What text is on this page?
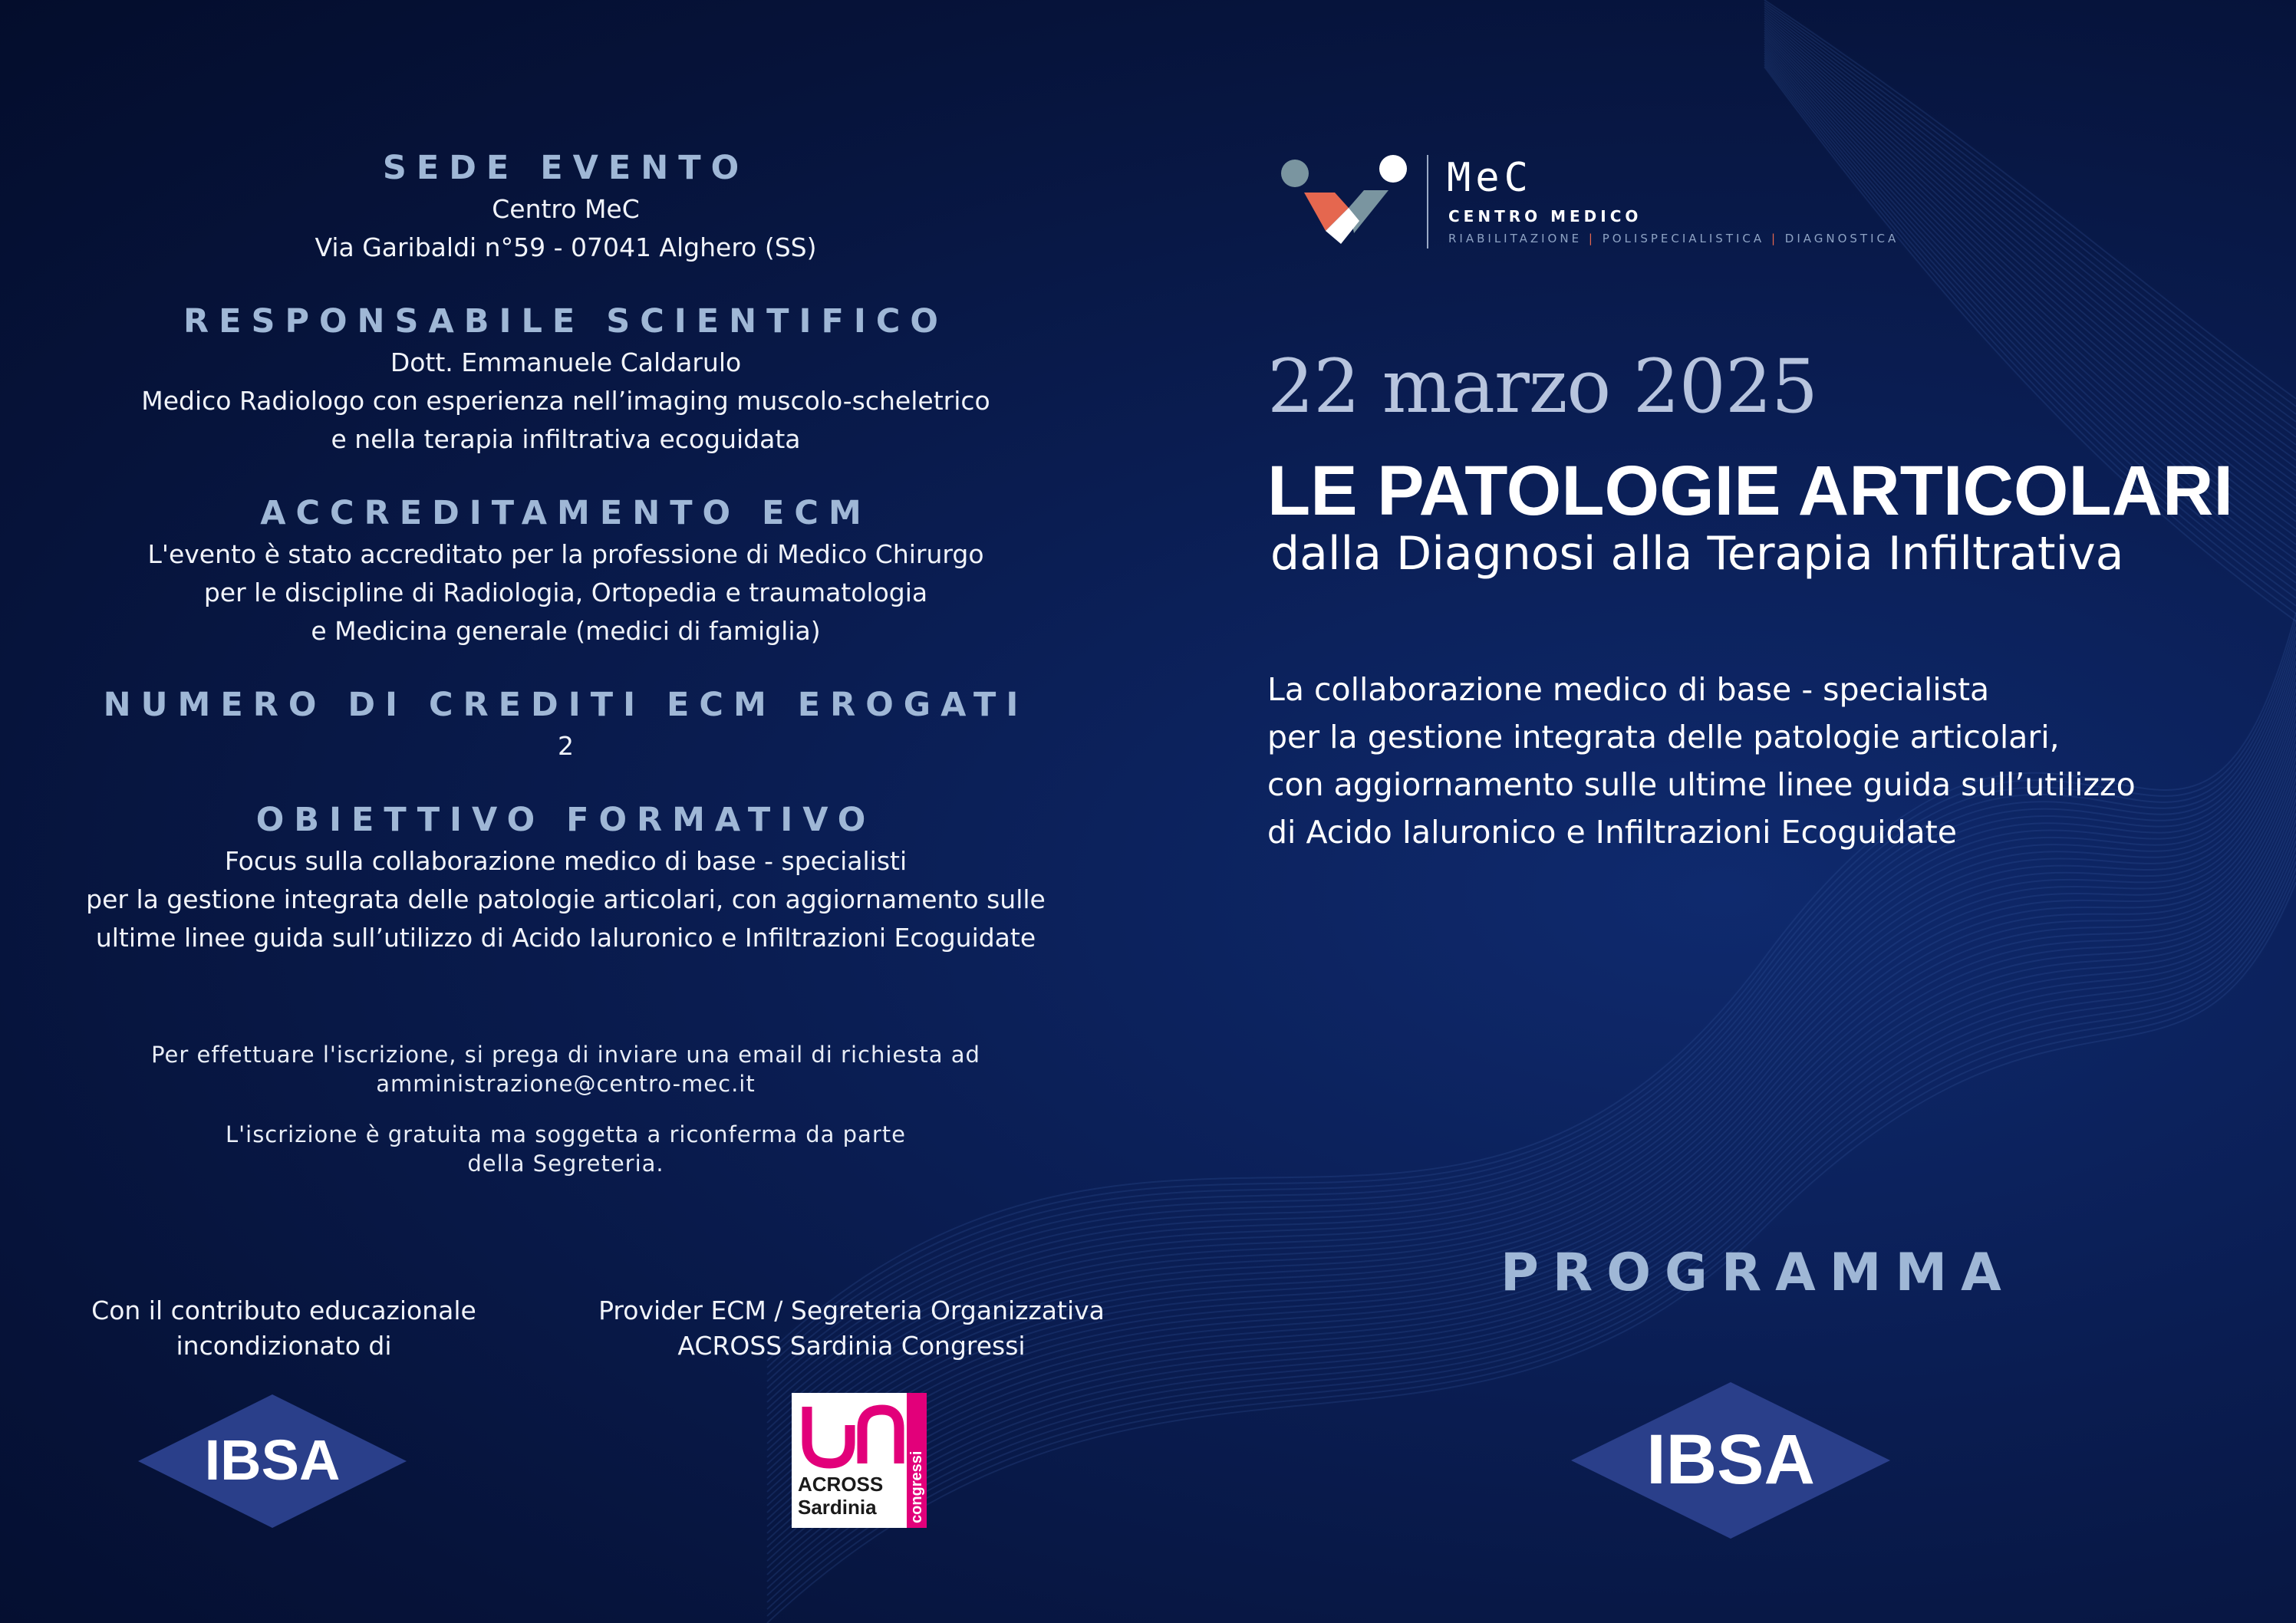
SEDE EVENTO
Centro MeC
Via Garibaldi n°59 - 07041 Alghero (SS)
RESPONSABILE SCIENTIFICO
Dott. Emmanuele Caldarulo
Medico Radiologo con esperienza nell’imaging muscolo-scheletrico
e nella terapia infiltrativa ecoguidata
ACCREDITAMENTO ECM
L'evento è stato accreditato per la professione di Medico Chirurgo
per le discipline di Radiologia, Ortopedia e traumatologia
e Medicina generale (medici di famiglia)
NUMERO DI CREDITI ECM EROGATI
2
OBIETTIVO FORMATIVO
Focus sulla collaborazione medico di base - specialisti
per la gestione integrata delle patologie articolari, con aggiornamento sulle
ultime linee guida sull’utilizzo di Acido Ialuronico e Infiltrazioni Ecoguidate
Per effettuare l'iscrizione, si prega di inviare una email di richiesta ad
amministrazione@centro-mec.it
L'iscrizione è gratuita ma soggetta a riconferma da parte
della Segreteria.
Con il contributo educazionale
incondizionato di
Provider ECM / Segreteria Organizzativa
ACROSS Sardinia Congressi
IBSA	ACROSS
Sardinia congressi
MeC
CENTRO MEDICO
RIABILITAZIONE | POLISPECIALISTICA | DIAGNOSTICA
22 marzo 2025
LE PATOLOGIE ARTICOLARI
dalla Diagnosi alla Terapia Infiltrativa
La collaborazione medico di base - specialista
per la gestione integrata delle patologie articolari,
con aggiornamento sulle ultime linee guida sull’utilizzo
di Acido Ialuronico e Infiltrazioni Ecoguidate
PROGRAMMA
IBSA
